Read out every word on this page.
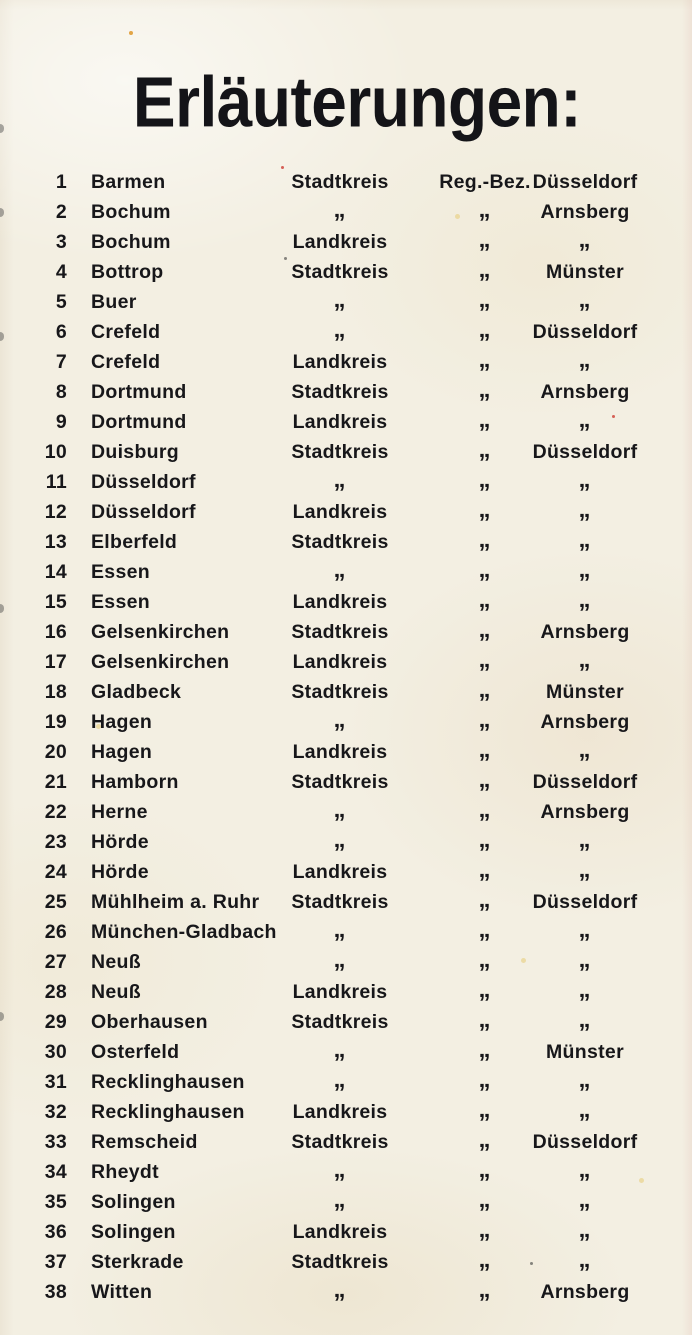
Erläuterungen:
1 Barmen	Stadtkreis	Reg.-Bez. Düsseldorf
2 Bochum	„	„	Arnsberg
3 Bochum	Landkreis	„	„
4 Bottrop	Stadtkreis	„	Münster
5 Buer	„	„	„
6 Crefeld	„	„	Düsseldorf
7 Crefeld	Landkreis	„	„
8 Dortmund	Stadtkreis	„	Arnsberg
9 Dortmund	Landkreis	„	„
10 Duisburg	Stadtkreis	„	Düsseldorf
11 Düsseldorf	„	„	„
12 Düsseldorf	Landkreis	„	„
13 Elberfeld	Stadtkreis	„	„
14 Essen	„	„	„
15 Essen	Landkreis	„	„
16 Gelsenkirchen	Stadtkreis	„	Arnsberg
17 Gelsenkirchen	Landkreis	„	„
18 Gladbeck	Stadtkreis	„	Münster
19 Hagen	„	„	Arnsberg
20 Hagen	Landkreis	„	„
21 Hamborn	Stadtkreis	„	Düsseldorf
22 Herne	„	„	Arnsberg
23 Hörde	„	„	„
24 Hörde	Landkreis	„	„
25 Mühlheim a. Ruhr	Stadtkreis	„	Düsseldorf
26 München-Gladbach	„	„	„
27 Neuß	„	„	„
28 Neuß	Landkreis	„	„
29 Oberhausen	Stadtkreis	„	„
30 Osterfeld	„	„	Münster
31 Recklinghausen	„	„	„
32 Recklinghausen	Landkreis	„	„
33 Remscheid	Stadtkreis	„	Düsseldorf
34 Rheydt	„	„	„
35 Solingen	„	„	„
36 Solingen	Landkreis	„	„
37 Sterkrade	Stadtkreis	„	„
38 Witten	„	„	Arnsberg
